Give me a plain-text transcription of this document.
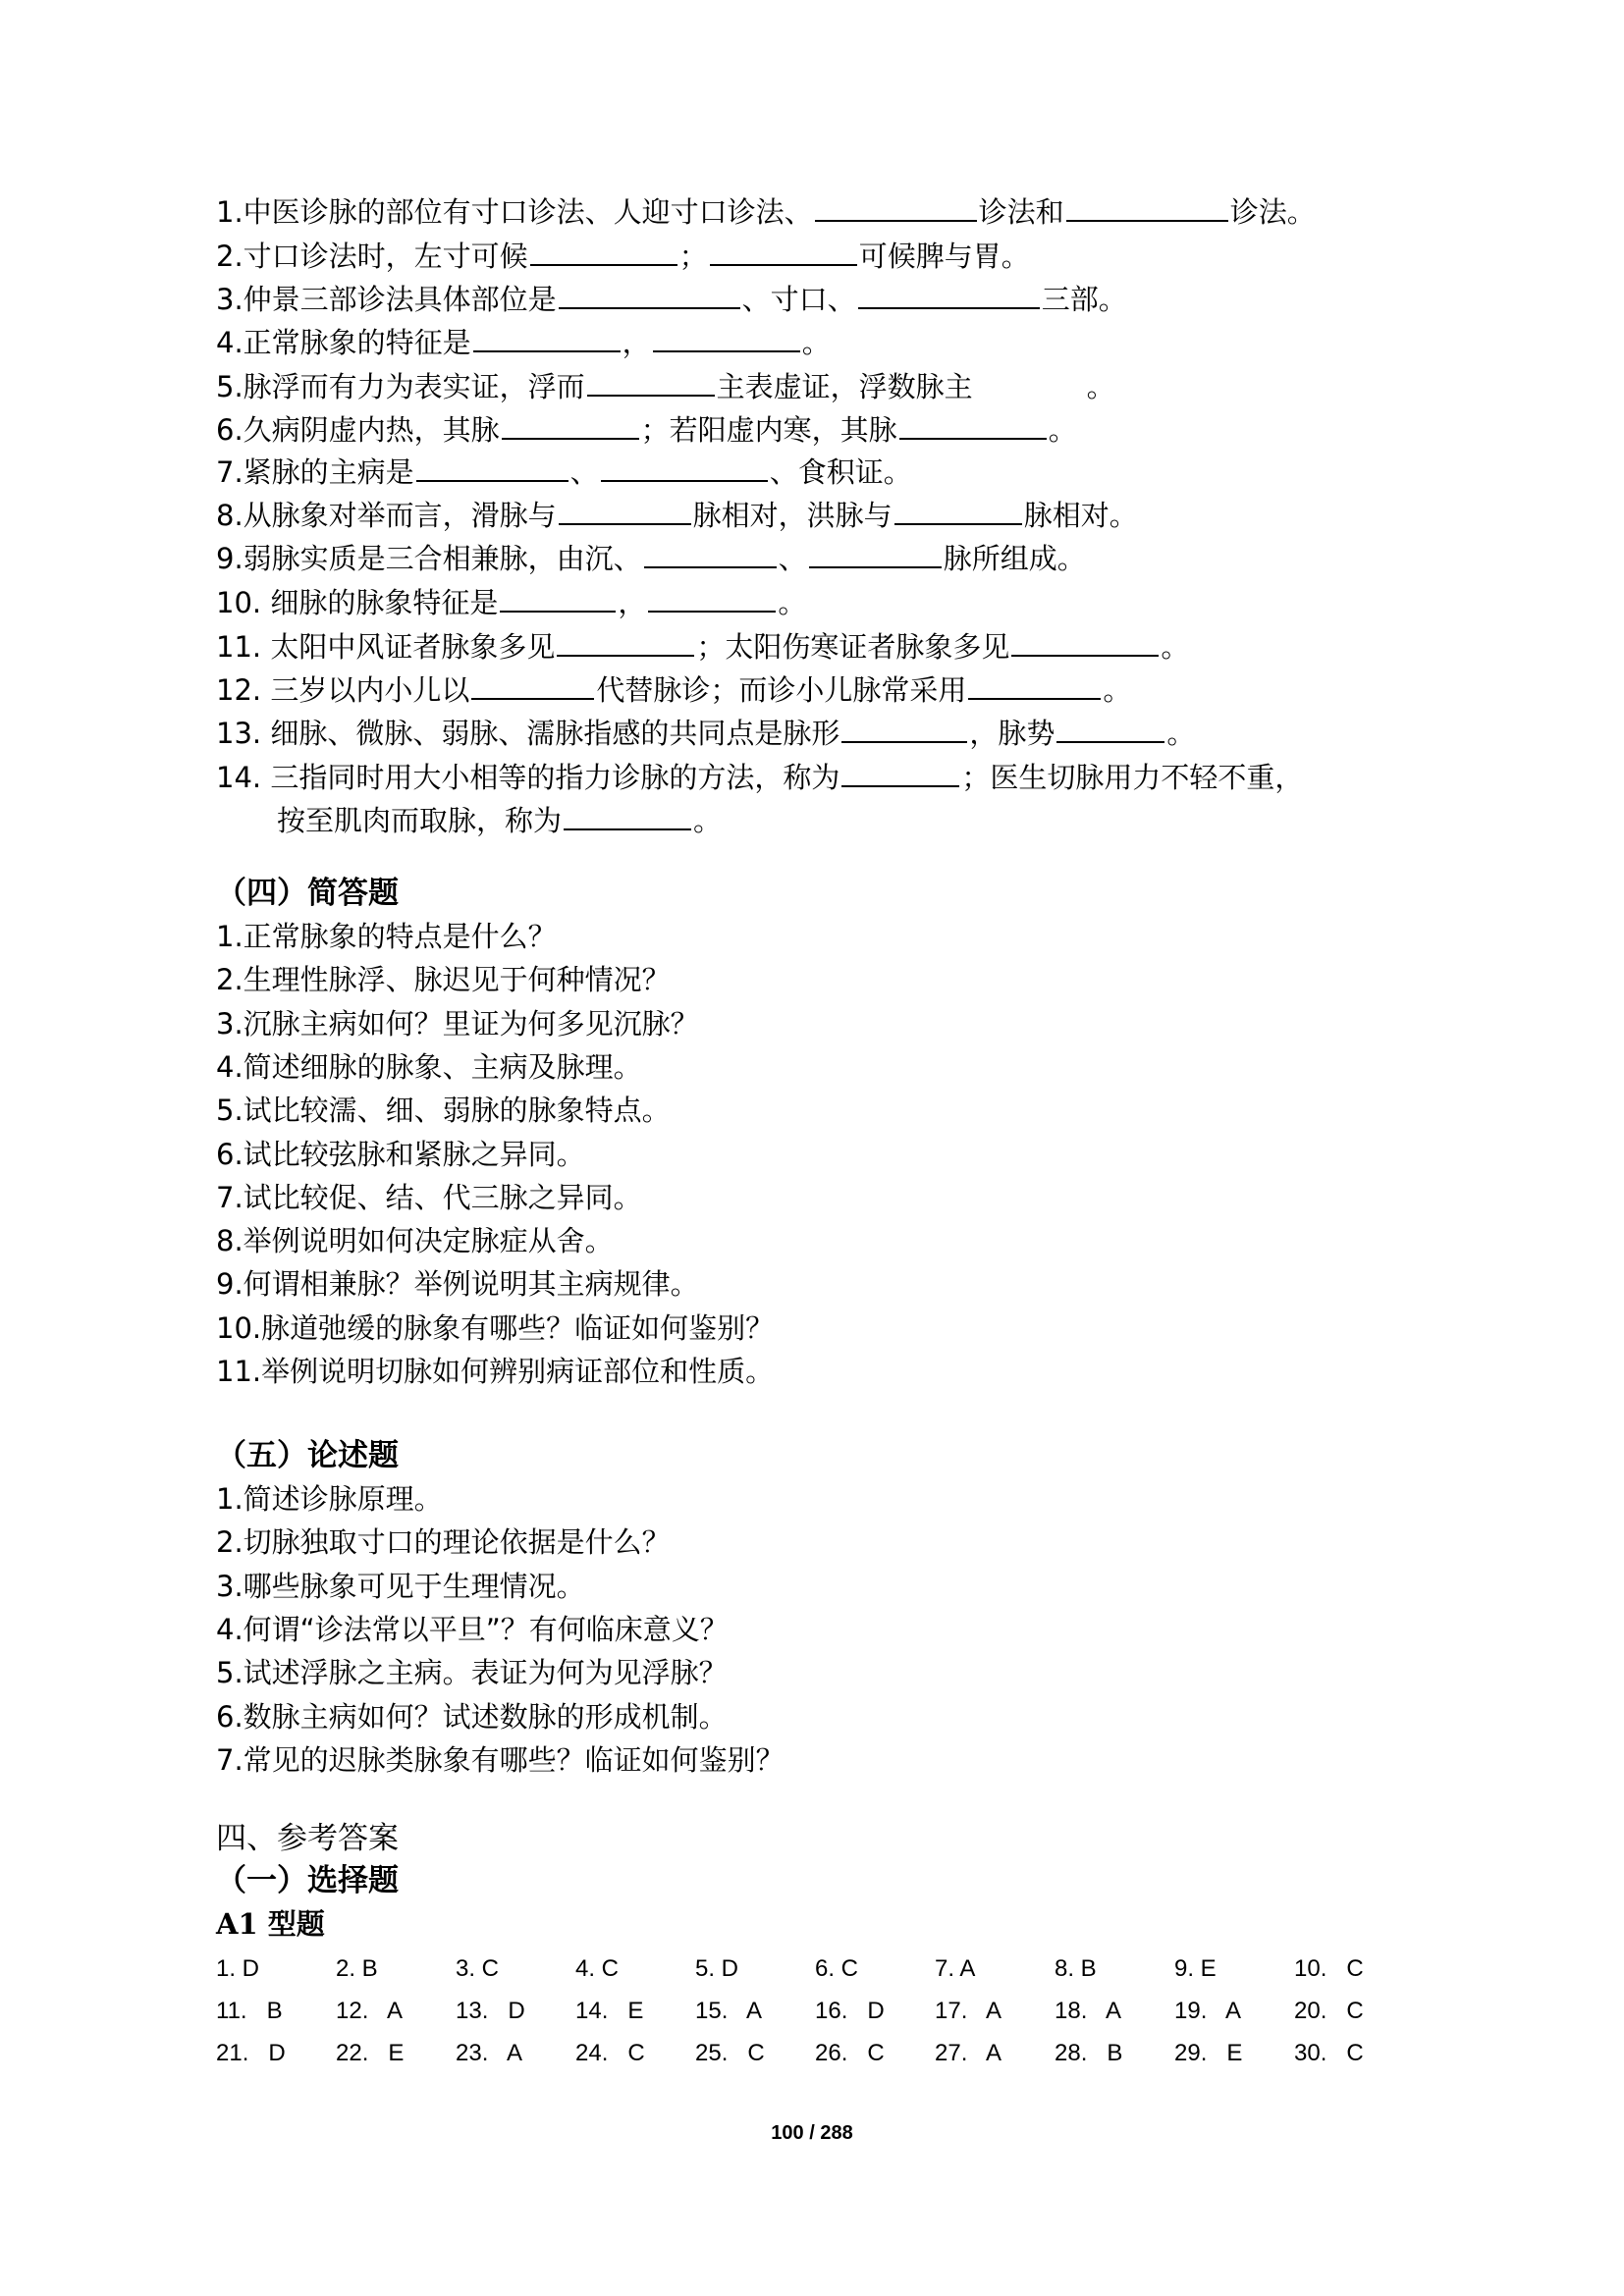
1.中医诊脉的部位有寸口诊法、人迎寸口诊法、	诊法和	诊法。
2.寸口诊法时，左寸可候	；	可候脾与胃。
3.仲景三部诊法具体部位是	、寸口、	三部。
4.正常脉象的特征是	，	。
5.脉浮而有力为表实证，浮而	主表虚证，浮数脉主　　　　。
6.久病阴虚内热，其脉	；若阳虚内寒，其脉	。
7.紧脉的主病是	、	、食积证。
8.从脉象对举而言，滑脉与	脉相对，洪脉与	脉相对。
9.弱脉实质是三合相兼脉，由沉、	、	脉所组成。
10. 细脉的脉象特征是	，	。
11. 太阳中风证者脉象多见	；太阳伤寒证者脉象多见	。
12. 三岁以内小儿以	代替脉诊；而诊小儿脉常采用	。
13. 细脉、微脉、弱脉、濡脉指感的共同点是脉形	，脉势	。
14. 三指同时用大小相等的指力诊脉的方法，称为	；医生切脉用力不轻不重，
按至肌肉而取脉，称为	。
（四）简答题
1.正常脉象的特点是什么？
2.生理性脉浮、脉迟见于何种情况？
3.沉脉主病如何？里证为何多见沉脉？
4.简述细脉的脉象、主病及脉理。
5.试比较濡、细、弱脉的脉象特点。
6.试比较弦脉和紧脉之异同。
7.试比较促、结、代三脉之异同。
8.举例说明如何决定脉症从舍。
9.何谓相兼脉？举例说明其主病规律。
10.脉道弛缓的脉象有哪些？临证如何鉴别？
11.举例说明切脉如何辨别病证部位和性质。
（五）论述题
1.简述诊脉原理。
2.切脉独取寸口的理论依据是什么？
3.哪些脉象可见于生理情况。
4.何谓“诊法常以平旦”？有何临床意义？
5.试述浮脉之主病。表证为何为见浮脉？
6.数脉主病如何？试述数脉的形成机制。
7.常见的迟脉类脉象有哪些？临证如何鉴别？
四、参考答案
（一）选择题
A1 型题
1. D	2. B	3. C	4. C	5. D	6. C	7. A	8. B	9. E	10.   C
11.   B 12.   A 13.   D 14.   E 15.   A 16.   D 17.   A 18.   A 19.   A 20.   C
21.   D 22.   E 23.   A 24.   C 25.   C 26.   C 27.   A 28.   B 29.   E 30.   C
100 / 288
